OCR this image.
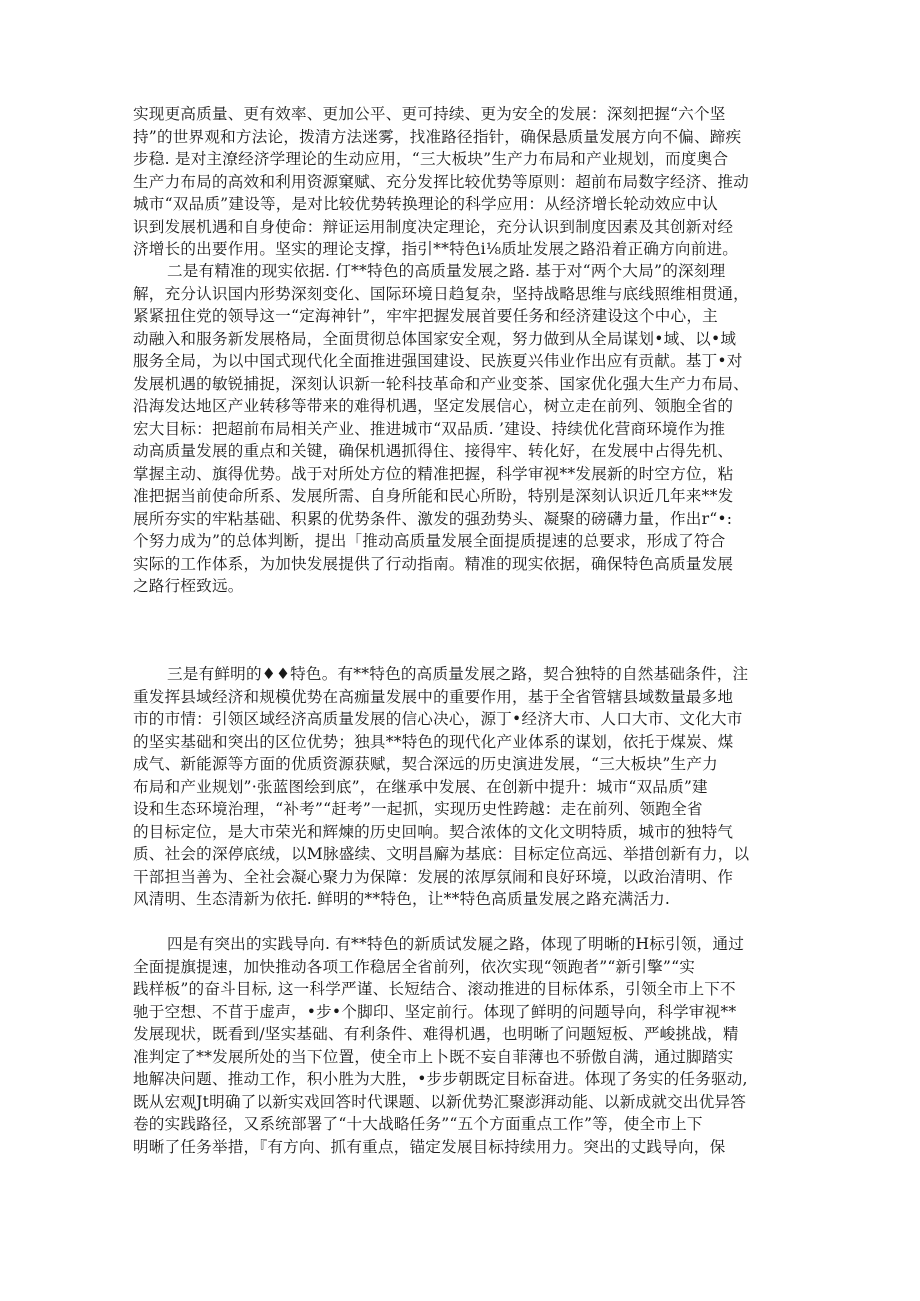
实现更高质量、更有效率、更加公平、更可持续、更为安全的发展：深刻把握“六个坚
持”的世界观和方法论，拨清方法迷雾，找准路径指针，确保悬质量发展方向不偏、蹄疾
步稳. 是对主潦经济学理论的生动应用，“三大板块”生产力布局和产业规划，而度奥合
生产力布局的高效和利用资源窠赋、充分发挥比较优势等原则：超前布局数字经济、推动
城市“双品质”建设等，是对比较优势转换理论的科学应用：从经济增长轮动效应中认
识到发展机遇和自身使命：辩证运用制度决定理论，充分认识到制度因素及其创新对经
济增长的出要作用。坚实的理论支撑，指引**特色ⅰ⅛质址发展之路沿着正确方向前进。
二是有精准的现实依据. 仃**特色的高质量发展之路. 基于对“两个大局”的深刻理
解，充分认识国内形势深刻变化、国际环境日趋复杂，坚持战略思维与底线照维相贯通，
紧紧扭住党的领导这一“定海神针”，牢牢把握发展首要任务和经济建设这个中心，主
动融入和服务新发展格局，全面贯彻总体国家安全观，努力做到从全局谋划•域、以•域
服务全局，为以中国式现代化全面推进强国建设、民族夏兴伟业作出应有贡献。基丁•对
发展机遇的敏锐捕捉，深刻认识新一轮科技革命和产业变茶、国家优化强大生产力布局、
沿海发达地区产业转移等带来的难得机遇，坚定发展信心，树立走在前列、领胞全省的
宏大目标：把超前布局相关产业、推进城市“双品质. ’建设、持续优化营商环境作为推
动高质量发展的重点和关键，确保机遇抓得住、接得牢、转化好，在发展中占得先机、
掌握主动、旗得优势。战于对所处方位的精准把握，科学审视**发展新的时空方位，粘
准把据当前使命所系、发展所需、自身所能和民心所盼，特别是深刻认识近几年来**发
展所夯实的牢粘基础、积累的优势条件、激发的强劲势头、凝聚的磅礴力量，作出r“•:
个努力成为”的总体判断，提出「推动高质量发展全面提质提速的总要求，形成了符合
实际的工作体系，为加快发展提供了行动指南。精准的现实依据，确保特色高质量发展
之路行桎致远。
三是有鲜明的♦♦特色。有**特色的高质量发展之路，契合独特的自然基础条件，注
重发挥县域经济和规模优势在高痂量发展中的重要作用，基于全省管辖县域数量最多地
市的市情：引领区域经济高质量发展的信心决心，源丁•经济大市、人口大市、文化大市
的坚实基础和突出的区位优势；独具**特色的现代化产业体系的谋划，依托于煤炭、煤
成气、新能源等方面的优质资源获赋，契合深远的历史演进发展，“三大板块”生产力
布局和产业规划”·张蓝图绘到底”，在继承中发展、在创新中提升：城市“双品质”建
设和生态环境治理，“补考”“赶考”一起抓，实现历史性跨越：走在前列、领跑全省
的目标定位，是大市荣光和辉煉的历史回响。契合浓体的文化文明特质，城市的独特气
质、社会的深停底绒，以M脉盛续、文明昌廨为基底：目标定位高远、举措创新有力，以
干部担当善为、全社会凝心聚力为保障：发展的浓厚氛闹和良好环境，以政治清明、作
风清明、生态清新为依托. 鲜明的**特色，让**特色高质量发展之路充满活力.
四是有突出的实践导向. 有**特色的新质试发屣之路，体现了明晰的H标引领，通过
全面提旗提速，加快推动各项工作稳居全省前列，依次实现“领跑者”“新引擎”“实
践样板”的奋斗目标, 这一科学严谨、长短结合、滚动推进的目标体系，引领全市上下不
驰于空想、不苜于虚声，•步•个脚印、坚定前行。体现了鲜明的问题导向，科学审视**
发展现状，既看到/坚实基础、有利条件、难得机遇，也明晰了问题短板、严峻挑战，精
准判定了**发展所处的当下位置，使全市上卜既不妄自菲薄也不骄傲自满，通过脚踏实
地解决问题、推动工作，积小胜为大胜，•步步朝既定目标奋进。体现了务实的任务驱动,
既从宏观Jt明确了以新实戏回答时代课题、以新优势汇聚澎湃动能、以新成就交出优异答
卷的实践路径，又系统部署了“十大战略任务”“五个方面重点工作”等，使全市上下
明晰了任务举措，『有方向、抓有重点，锚定发展目标持续用力。突出的丈践导向，保
